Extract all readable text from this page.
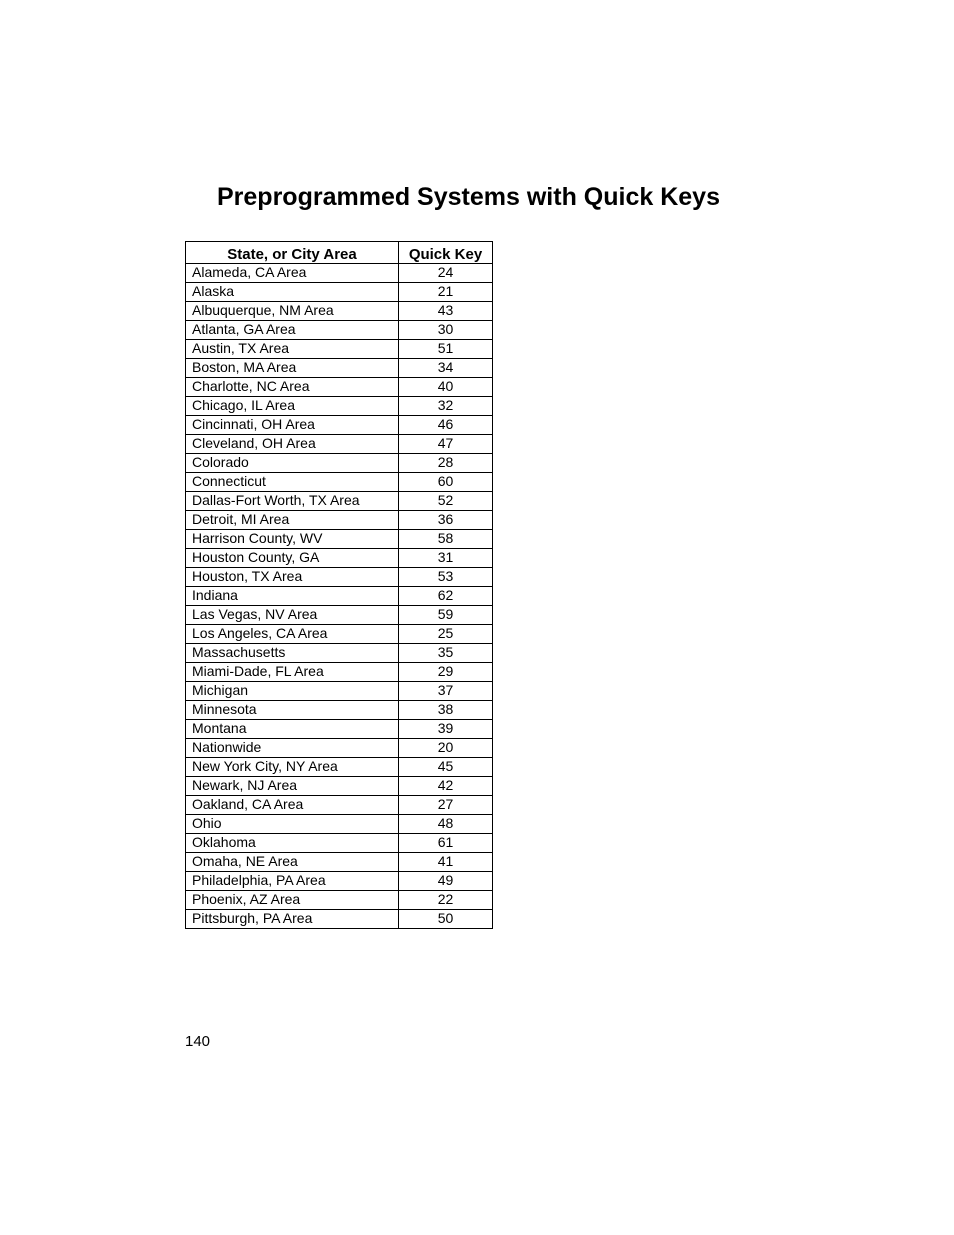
Preprogrammed Systems with Quick Keys
State, or City Area	Quick Key
Alameda, CA Area	24
Alaska	21
Albuquerque, NM Area	43
Atlanta, GA Area	30
Austin, TX Area	51
Boston, MA Area	34
Charlotte, NC Area	40
Chicago, IL Area	32
Cincinnati, OH Area	46
Cleveland, OH Area	47
Colorado	28
Connecticut	60
Dallas-Fort Worth, TX Area	52
Detroit, MI Area	36
Harrison County, WV	58
Houston County, GA	31
Houston, TX Area	53
Indiana	62
Las Vegas, NV Area	59
Los Angeles, CA Area	25
Massachusetts	35
Miami-Dade, FL Area	29
Michigan	37
Minnesota	38
Montana	39
Nationwide	20
New York City, NY Area	45
Newark, NJ Area	42
Oakland, CA Area	27
Ohio	48
Oklahoma	61
Omaha, NE Area	41
Philadelphia, PA Area	49
Phoenix, AZ Area	22
Pittsburgh, PA Area	50
140
